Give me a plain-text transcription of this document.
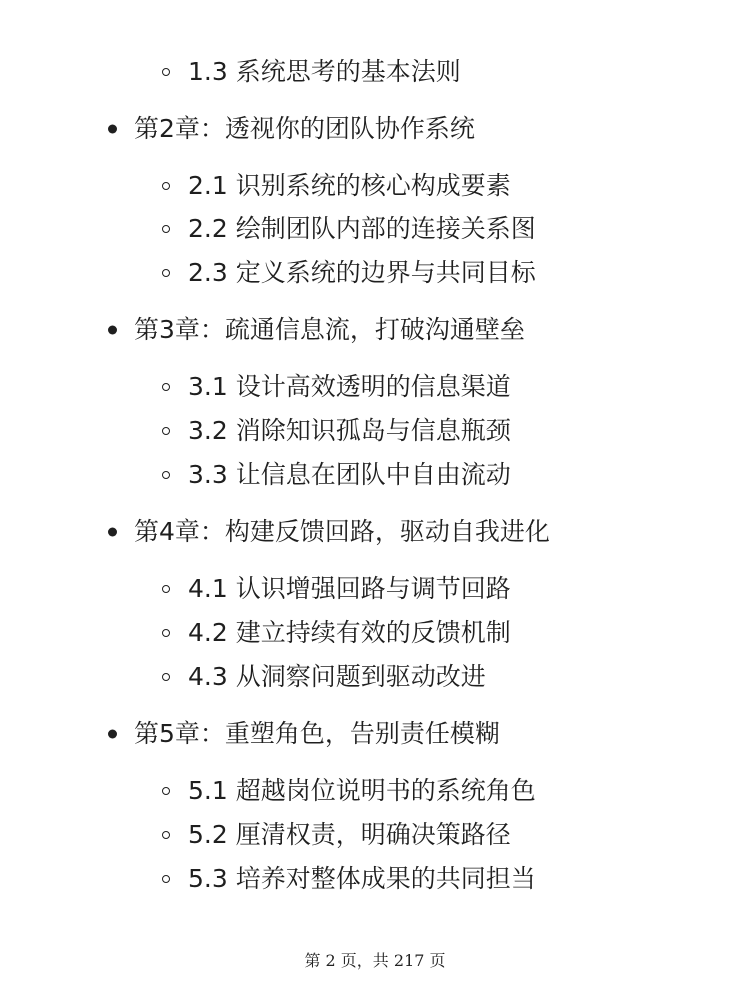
1.3 系统思考的基本法则
第2章：透视你的团队协作系统
2.1 识别系统的核心构成要素
2.2 绘制团队内部的连接关系图
2.3 定义系统的边界与共同目标
第3章：疏通信息流，打破沟通壁垒
3.1 设计高效透明的信息渠道
3.2 消除知识孤岛与信息瓶颈
3.3 让信息在团队中自由流动
第4章：构建反馈回路，驱动自我进化
4.1 认识增强回路与调节回路
4.2 建立持续有效的反馈机制
4.3 从洞察问题到驱动改进
第5章：重塑角色，告别责任模糊
5.1 超越岗位说明书的系统角色
5.2 厘清权责，明确决策路径
5.3 培养对整体成果的共同担当
第 2 页，共 217 页
